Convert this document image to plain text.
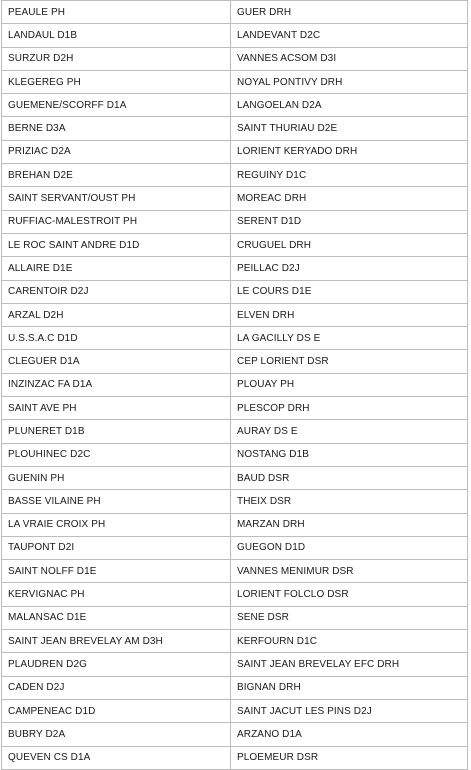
PEAULE PH	GUER DRH
LANDAUL D1B	LANDEVANT D2C
SURZUR D2H	VANNES ACSOM D3I
KLEGEREG PH	NOYAL PONTIVY DRH
GUEMENE/SCORFF D1A	LANGOELAN D2A
BERNE D3A	SAINT THURIAU D2E
PRIZIAC D2A	LORIENT KERYADO DRH
BREHAN D2E	REGUINY D1C
SAINT SERVANT/OUST PH	MOREAC DRH
RUFFIAC-MALESTROIT PH	SERENT D1D
LE ROC SAINT ANDRE D1D	CRUGUEL DRH
ALLAIRE D1E	PEILLAC D2J
CARENTOIR D2J	LE COURS D1E
ARZAL D2H	ELVEN DRH
U.S.S.A.C D1D	LA GACILLY DS E
CLEGUER D1A	CEP LORIENT DSR
INZINZAC FA D1A	PLOUAY PH
SAINT AVE PH	PLESCOP DRH
PLUNERET D1B	AURAY DS E
PLOUHINEC D2C	NOSTANG D1B
GUENIN PH	BAUD DSR
BASSE VILAINE PH	THEIX DSR
LA VRAIE CROIX PH	MARZAN DRH
TAUPONT D2I	GUEGON D1D
SAINT NOLFF D1E	VANNES MENIMUR DSR
KERVIGNAC PH	LORIENT FOLCLO DSR
MALANSAC D1E	SENE DSR
SAINT JEAN BREVELAY AM D3H	KERFOURN D1C
PLAUDREN D2G	SAINT JEAN BREVELAY EFC DRH
CADEN D2J	BIGNAN DRH
CAMPENEAC D1D	SAINT JACUT LES PINS D2J
BUBRY D2A	ARZANO D1A
QUEVEN CS D1A	PLOEMEUR DSR
